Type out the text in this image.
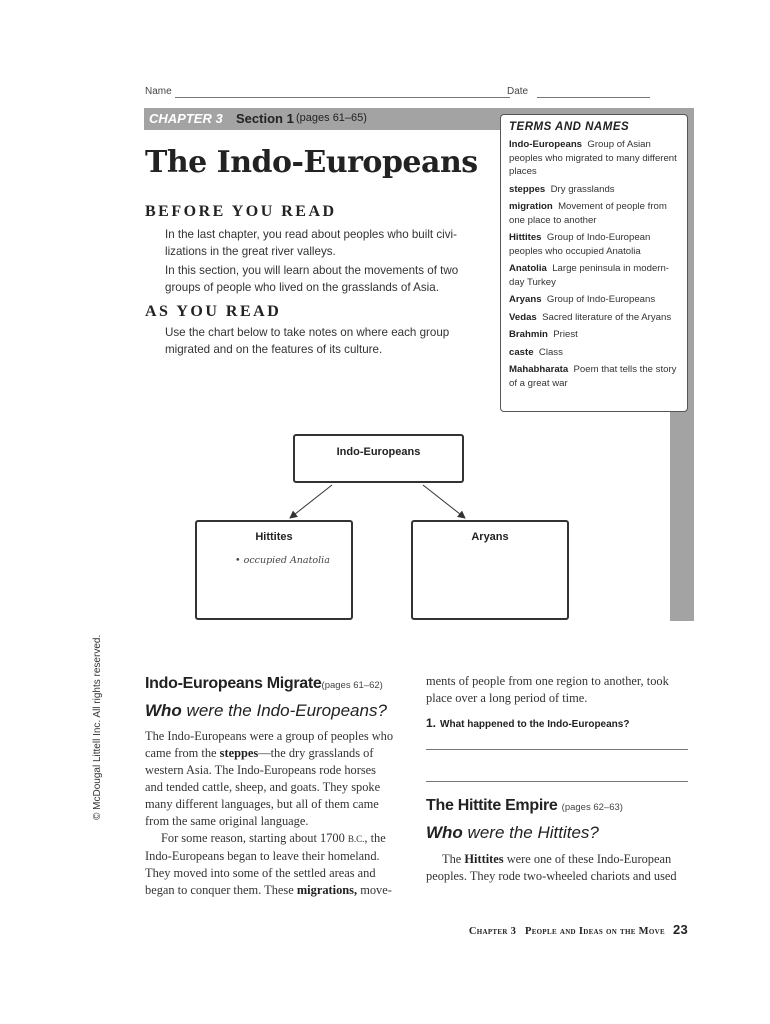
Name	Date
CHAPTER 3 Section 1 (pages 61–65)
The Indo-Europeans
BEFORE YOU READ
In the last chapter, you read about peoples who built civi-
lizations in the great river valleys.
In this section, you will learn about the movements of two
groups of people who lived on the grasslands of Asia.
AS YOU READ
Use the chart below to take notes on where each group
migrated and on the features of its culture.
TERMS AND NAMES
Indo-Europeans Group of Asian peoples who migrated to many different places
steppes Dry grasslands
migration Movement of people from one place to another
Hittites Group of Indo-European peoples who occupied Anatolia
Anatolia Large peninsula in modern-day Turkey
Aryans Group of Indo-Europeans
Vedas Sacred literature of the Aryans
Brahmin Priest
caste Class
Mahabharata Poem that tells the story of a great war
Indo-Europeans
Hittites
• occupied Anatolia
Aryans
© McDougal Littell Inc. All rights reserved.	Indo-Europeans Migrate(pages 61–62)
Who were the Indo-Europeans?
The Indo-Europeans were a group of peoples who
came from the steppes—the dry grasslands of
western Asia. The Indo-Europeans rode horses
and tended cattle, sheep, and goats. They spoke
many different languages, but all of them came
from the same original language.
For some reason, starting about 1700 B.C., the
Indo-Europeans began to leave their homeland.
They moved into some of the settled areas and
began to conquer them. These migrations, move-
ments of people from one region to another, took
place over a long period of time.
1. What happened to the Indo-Europeans?
The Hittite Empire (pages 62–63)
Who were the Hittites?
The Hittites were one of these Indo-European
peoples. They rode two-wheeled chariots and used
Chapter 3 People and Ideas on the Move 23
